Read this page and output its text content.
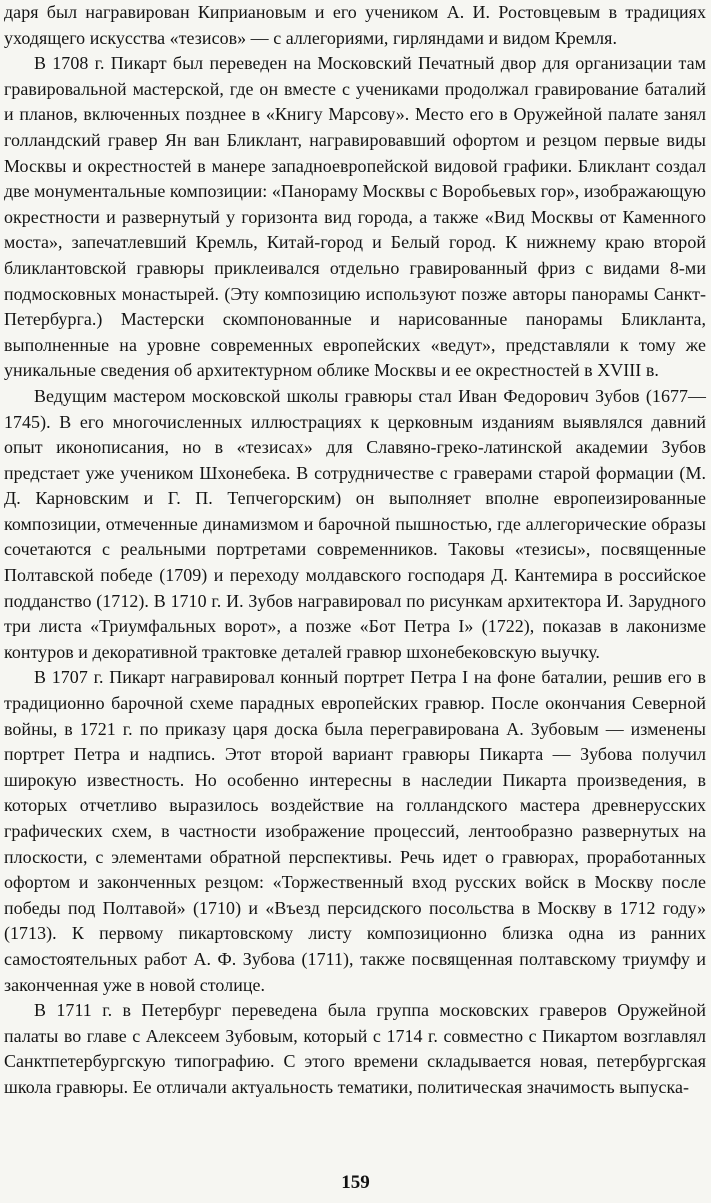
даря был награвирован Киприановым и его учеником А. И. Ростовцевым в традициях уходящего искусства «тезисов» — с аллегориями, гирляндами и видом Кремля.

В 1708 г. Пикарт был переведен на Московский Печатный двор для организации там гравировальной мастерской, где он вместе с учениками продолжал гравирование баталий и планов, включенных позднее в «Книгу Марсову». Место его в Оружейной палате занял голландский гравер Ян ван Бликлант, награвировавший офортом и резцом первые виды Москвы и окрестностей в манере западноевропейской видовой графики. Бликлант создал две монументальные композиции: «Панораму Москвы с Воробьевых гор», изображающую окрестности и развернутый у горизонта вид города, а также «Вид Москвы от Каменного моста», запечатлевший Кремль, Китай-город и Белый город. К нижнему краю второй бликлантовской гравюры приклеивался отдельно гравированный фриз с видами 8-ми подмосковных монастырей. (Эту композицию используют позже авторы панорамы Санкт-Петербурга.) Мастерски скомпонованные и нарисованные панорамы Бликланта, выполненные на уровне современных европейских «ведут», представляли к тому же уникальные сведения об архитектурном облике Москвы и ее окрестностей в XVIII в.

Ведущим мастером московской школы гравюры стал Иван Федорович Зубов (1677—1745). В его многочисленных иллюстрациях к церковным изданиям выявлялся давний опыт иконописания, но в «тезисах» для Славяно-греко-латинской академии Зубов предстает уже учеником Шхонебека. В сотрудничестве с граверами старой формации (М. Д. Карновским и Г. П. Тепчегорским) он выполняет вполне европеизированные композиции, отмеченные динамизмом и барочной пышностью, где аллегорические образы сочетаются с реальными портретами современников. Таковы «тезисы», посвященные Полтавской победе (1709) и переходу молдавского господаря Д. Кантемира в российское подданство (1712). В 1710 г. И. Зубов награвировал по рисункам архитектора И. Зарудного три листа «Триумфальных ворот», а позже «Бот Петра I» (1722), показав в лаконизме контуров и декоративной трактовке деталей гравюр шхонебековскую выучку.

В 1707 г. Пикарт награвировал конный портрет Петра I на фоне баталии, решив его в традиционно барочной схеме парадных европейских гравюр. После окончания Северной войны, в 1721 г. по приказу царя доска была перегравирована А. Зубовым — изменены портрет Петра и надпись. Этот второй вариант гравюры Пикарта — Зубова получил широкую известность. Но особенно интересны в наследии Пикарта произведения, в которых отчетливо выразилось воздействие на голландского мастера древнерусских графических схем, в частности изображение процессий, лентообразно развернутых на плоскости, с элементами обратной перспективы. Речь идет о гравюрах, проработанных офортом и законченных резцом: «Торжественный вход русских войск в Москву после победы под Полтавой» (1710) и «Въезд персидского посольства в Москву в 1712 году» (1713). К первому пикартовскому листу композиционно близка одна из ранних самостоятельных работ А. Ф. Зубова (1711), также посвященная полтавскому триумфу и законченная уже в новой столице.

В 1711 г. в Петербург переведена была группа московских граверов Оружейной палаты во главе с Алексеем Зубовым, который с 1714 г. совместно с Пикартом возглавлял Санктпетербургскую типографию. С этого времени складывается новая, петербургская школа гравюры. Ее отличали актуальность тематики, политическая значимость выпуска-

159
